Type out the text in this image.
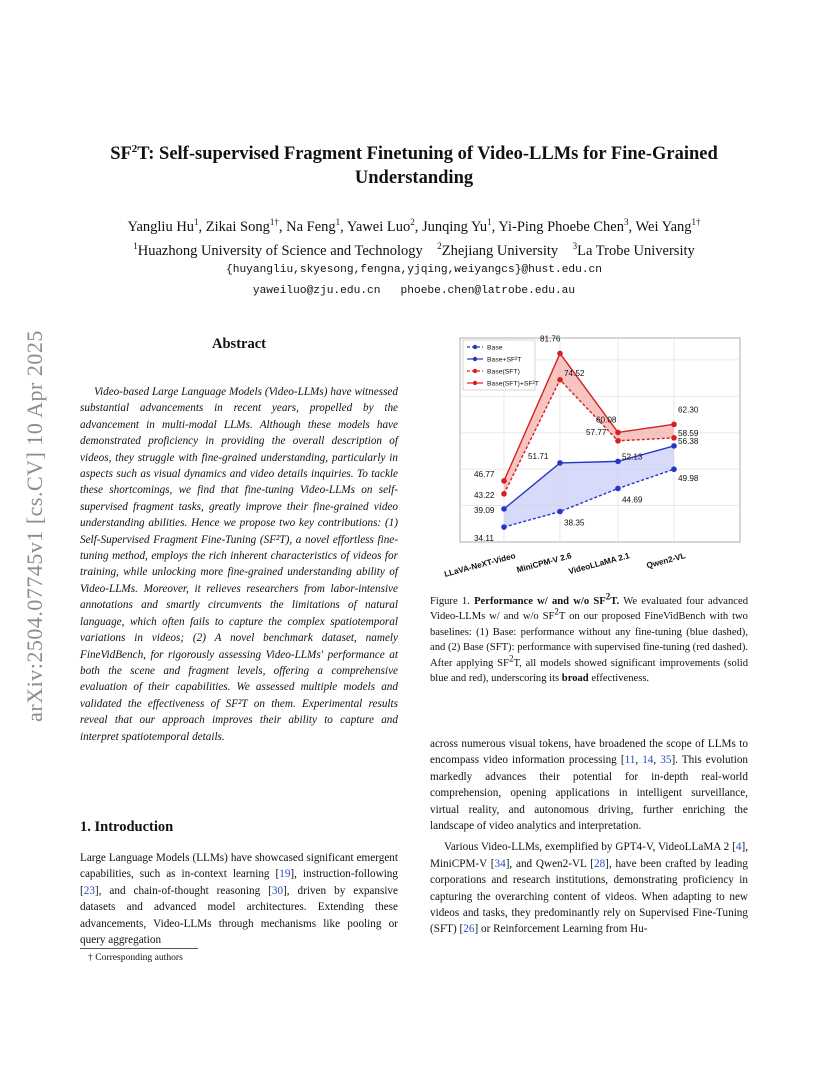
arXiv:2504.07745v1 [cs.CV] 10 Apr 2025
$SF^2T$: Self-supervised Fragment Finetuning of Video-LLMs for Fine-Grained
Understanding
Yangliu Hu$^1$, Zikai Song$^{1\dagger}$, Na Feng$^1$, Yawei Luo$^2$, Junqing Yu$^1$, Yi-Ping Phoebe Chen$^3$, Wei Yang$^{1\dagger}$
$^1$Huazhong University of Science and Technology $^2$Zhejiang University $^3$La Trobe University
{huyangliu,skyesong,fengna,yjqing,weiyangcs}@hust.edu.cn
yaweiluo@zju.edu.cn   phoebe.chen@latrobe.edu.au
Abstract

Video-based Large Language Models (Video-LLMs) have witnessed substantial advancements in recent years, propelled by the advancement in multi-modal LLMs. Although these models have demonstrated proficiency in providing the overall description of videos, they struggle with fine-grained understanding, particularly in aspects such as visual dynamics and video details inquiries. To tackle these shortcomings, we find that fine-tuning Video-LLMs on self-supervised fragment tasks, greatly improve their fine-grained video understanding abilities. Hence we propose two key contributions: (1) Self-Supervised Fragment Fine-Tuning (SF²T), a novel effortless fine-tuning method, employs the rich inherent characteristics of videos for training, while unlocking more fine-grained understanding ability of Video-LLMs. Moreover, it relieves researchers from labor-intensive annotations and smartly circumvents the limitations of natural language, which often fails to capture the complex spatiotemporal variations in videos; (2) A novel benchmark dataset, namely FineVidBench, for rigorously assessing Video-LLMs' performance at both the scene and fragment levels, offering a comprehensive evaluation of their capabilities. We assessed multiple models and validated the effectiveness of SF²T on them. Experimental results reveal that our approach improves their ability to capture and interpret spatiotemporal details.

1. Introduction

Large Language Models (LLMs) have showcased significant emergent capabilities, such as in-context learning [19], instruction-following [23], and chain-of-thought reasoning [30], driven by expansive datasets and advanced model architectures. Extending these advancements, Video-LLMs through mechanisms like pooling or query aggregation

† Corresponding authors
34.11
38.35
44.69
49.98
39.09
51.71	52.13
56.38
43.22
74.52
57.77	58.59
46.77
81.76
60.08
62.30
LLaVA-NeXT-Video MiniCPM-V 2.6
VideoLLaMA 2.1 Qwen2-VL
Base
Base+SF²T
Base(SFT)
Base(SFT)+SF²T
Figure 1. Performance w/ and w/o $SF^2T$. We evaluated four advanced Video-LLMs w/ and w/o $SF^2T$ on our proposed FineVidBench with two baselines: (1) Base: performance without any fine-tuning (blue dashed), and (2) Base (SFT): performance with supervised fine-tuning (red dashed). After applying $SF^2T$, all models showed significant improvements (solid blue and red), underscoring its broad effectiveness.

across numerous visual tokens, have broadened the scope of LLMs to encompass video information processing [11, 14, 35]. This evolution markedly advances their potential for in-depth real-world comprehension, opening applications in intelligent surveillance, virtual reality, and autonomous driving, further enriching the landscape of video analytics and interpretation.

Various Video-LLMs, exemplified by GPT4-V, VideoLLaMA 2 [4], MiniCPM-V [34], and Qwen2-VL [28], have been crafted by leading corporations and research institutions, demonstrating proficiency in capturing the overarching content of videos. When adapting to new videos and tasks, they predominantly rely on Supervised Fine-Tuning (SFT) [26] or Reinforcement Learning from Hu-
